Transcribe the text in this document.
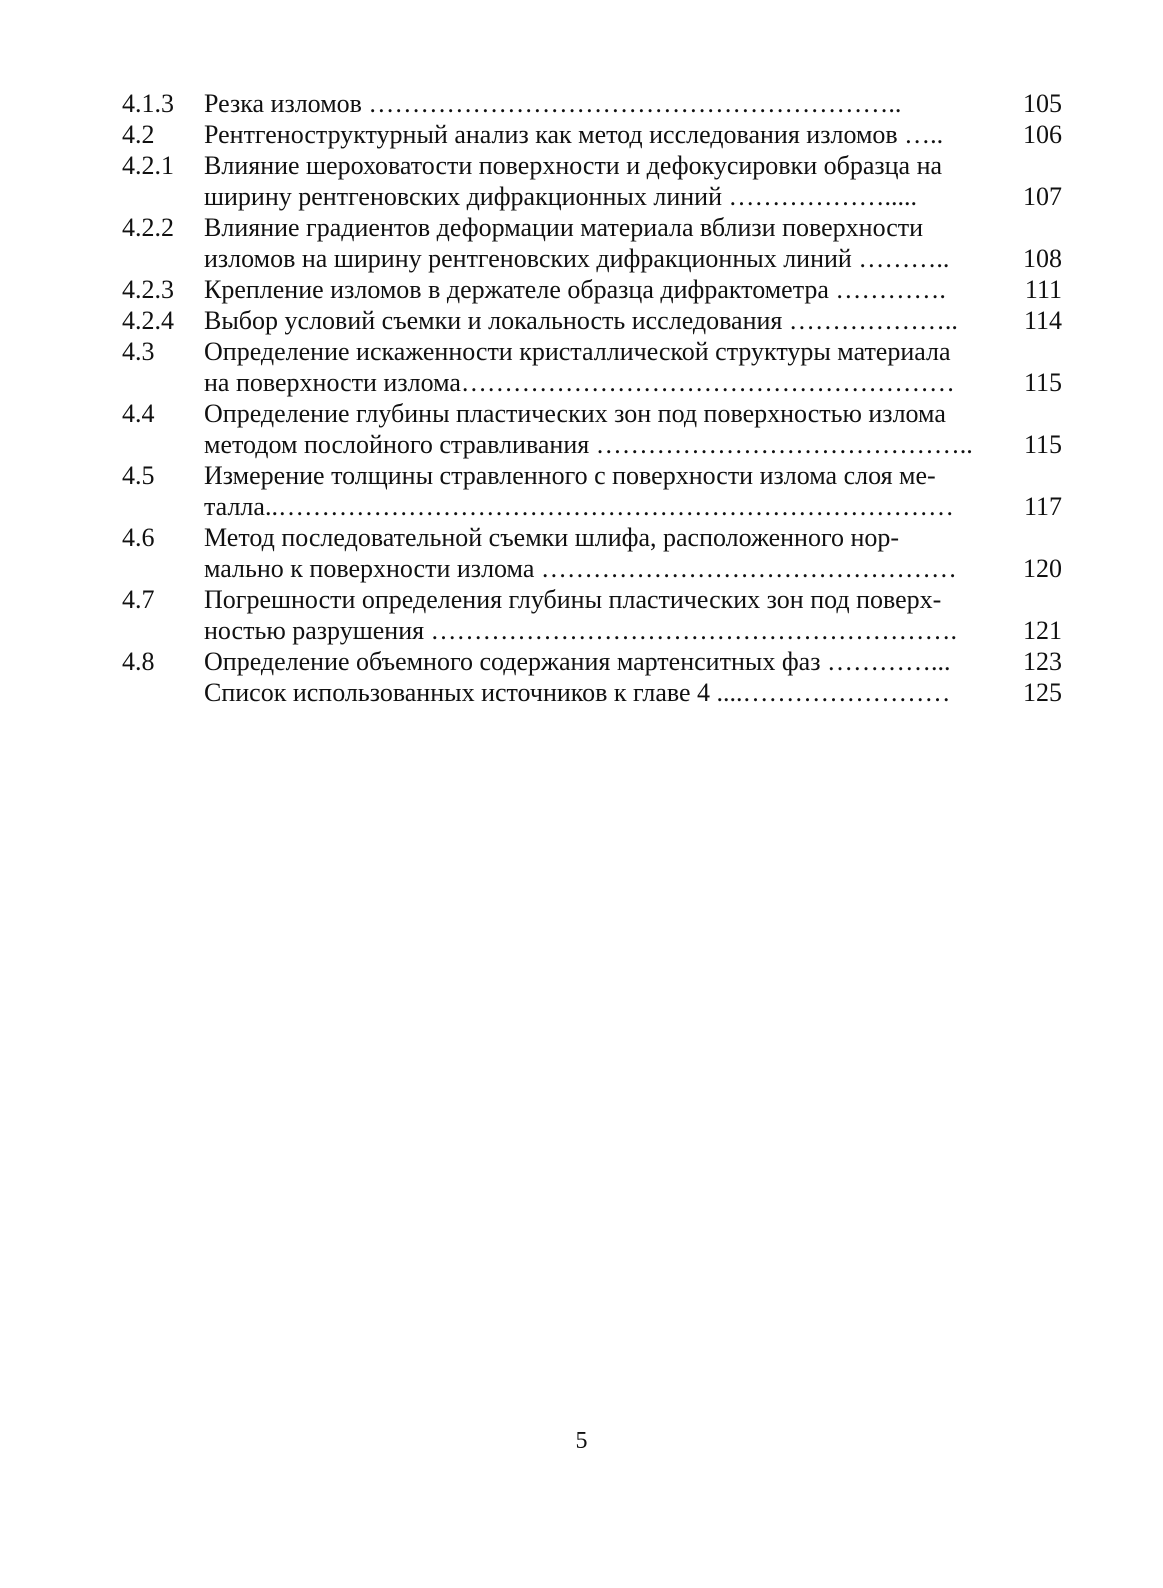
4.1.3	Резка изломов ……………………………………………………..	105
4.2	Рентгеноструктурный анализ как метод исследования изломов …..	106
4.2.1	Влияние шероховатости поверхности и дефокусировки образца на
ширину рентгеновских дифракционных линий ……………….....	107
4.2.2	Влияние градиентов деформации материала вблизи поверхности
изломов на ширину рентгеновских дифракционных линий ………..	108
4.2.3	Крепление изломов в держателе образца дифрактометра ………….	111
4.2.4	Выбор условий съемки и локальность исследования ………………..	114
4.3	Определение искаженности кристаллической структуры материала
на поверхности излома…………………………………………………	115
4.4	Определение глубины пластических зон под поверхностью излома
методом послойного стравливания ……………………………………..	115
4.5	Измерение толщины стравленного с поверхности излома слоя ме-
талла..……………………………………………………………………	117
4.6	Метод последовательной съемки шлифа, расположенного нор-
мально к поверхности излома …………………………………………	120
4.7	Погрешности определения глубины пластических зон под поверх-
ностью разрушения …………………………………………………….	121
4.8	Определение объемного содержания мартенситных фаз …………...	123
Список использованных источников к главе 4 ....……………………	125
5
